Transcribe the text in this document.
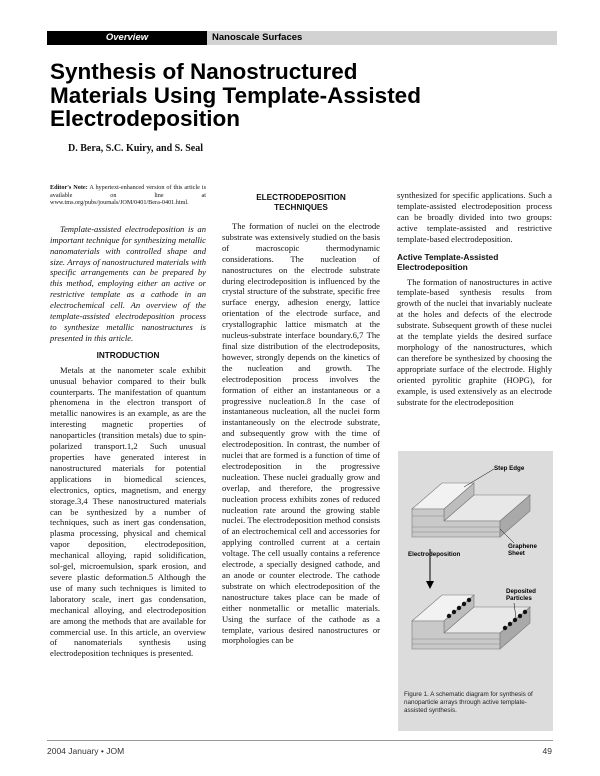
Overview	Nanoscale Surfaces
Synthesis of Nanostructured
Materials Using Template-Assisted
Electrodeposition
D. Bera, S.C. Kuiry, and S. Seal

Editor's Note: A hypertext-enhanced version of this article is available on line at www.tms.org/pubs/journals/JOM/0401/Bera-0401.html.

Template-assisted electrodeposition is an important technique for synthesizing metallic nanomaterials with controlled shape and size. Arrays of nanostructured materials with specific arrangements can be prepared by this method, employing either an active or restrictive template as a cathode in an electrochemical cell. An overview of the template-assisted electrodeposition process to synthesize metallic nanostructures is presented in this article.

INTRODUCTION

Metals at the nanometer scale exhibit unusual behavior compared to their bulk counterparts. The manifestation of quantum phenomena in the electron transport of metallic nanowires is an example, as are the interesting magnetic properties of nanoparticles (transition metals) due to spin-polarized transport.1,2 Such unusual properties have generated interest in nanostructured materials for potential applications in biomedical sciences, electronics, optics, magnetism, and energy storage.3,4 These nanostructured materials can be synthesized by a number of techniques, such as inert gas condensation, plasma processing, physical and chemical vapor deposition, electrodeposition, mechanical alloying, rapid solidification, sol-gel, microemulsion, spark erosion, and severe plastic deformation.5 Although the use of many such techniques is limited to laboratory scale, inert gas condensation, mechanical alloying, and electrodeposition are among the methods that are available for commercial use. In this article, an overview of nanomaterials synthesis using electrodeposition techniques is presented.

ELECTRODEPOSITION
TECHNIQUES

The formation of nuclei on the electrode substrate was extensively studied on the basis of macroscopic thermodynamic considerations. The nucleation of nanostructures on the electrode substrate during electrodeposition is influenced by the crystal structure of the substrate, specific free surface energy, adhesion energy, lattice orientation of the electrode surface, and crystallographic lattice mismatch at the nucleus-substrate interface boundary.6,7 The final size distribution of the electrodeposits, however, strongly depends on the kinetics of the nucleation and growth. The electrodeposition process involves the formation of either an instantaneous or a progressive nucleation.8 In the case of instantaneous nucleation, all the nuclei form instantaneously on the electrode substrate, and subsequently grow with the time of electrodeposition. In contrast, the number of nuclei that are formed is a function of time of electrodeposition in the progressive nucleation. These nuclei gradually grow and overlap, and therefore, the progressive nucleation process exhibits zones of reduced nucleation rate around the growing stable nuclei. The electrodeposition method consists of an electrochemical cell and accessories for applying controlled current at a certain voltage. The cell usually contains a reference electrode, a specially designed cathode, and an anode or counter electrode. The cathode substrate on which electrodeposition of the nanostructure takes place can be made of either nonmetallic or metallic materials. Using the surface of the cathode as a template, various desired nanostructures or morphologies can be

synthesized for specific applications. Such a template-assisted electrodeposition process can be broadly divided into two groups: active template-assisted and restrictive template-based electrodeposition.

Active Template-Assisted
Electrodeposition

The formation of nanostructures in active template-based synthesis results from growth of the nuclei that invariably nucleate at the holes and defects of the electrode substrate. Subsequent growth of these nuclei at the template yields the desired surface morphology of the nanostructures, which can therefore be synthesized by choosing the appropriate surface of the electrode. Highly oriented pyrolitic graphite (HOPG), for example, is used extensively as an electrode substrate for the electrodeposition

Step Edge
Graphene
Sheet
Electrodeposition
Deposited
Particles
Figure 1. A schematic diagram for synthesis of nanoparticle arrays through active template-assisted synthesis.
2004 January • JOM	49
